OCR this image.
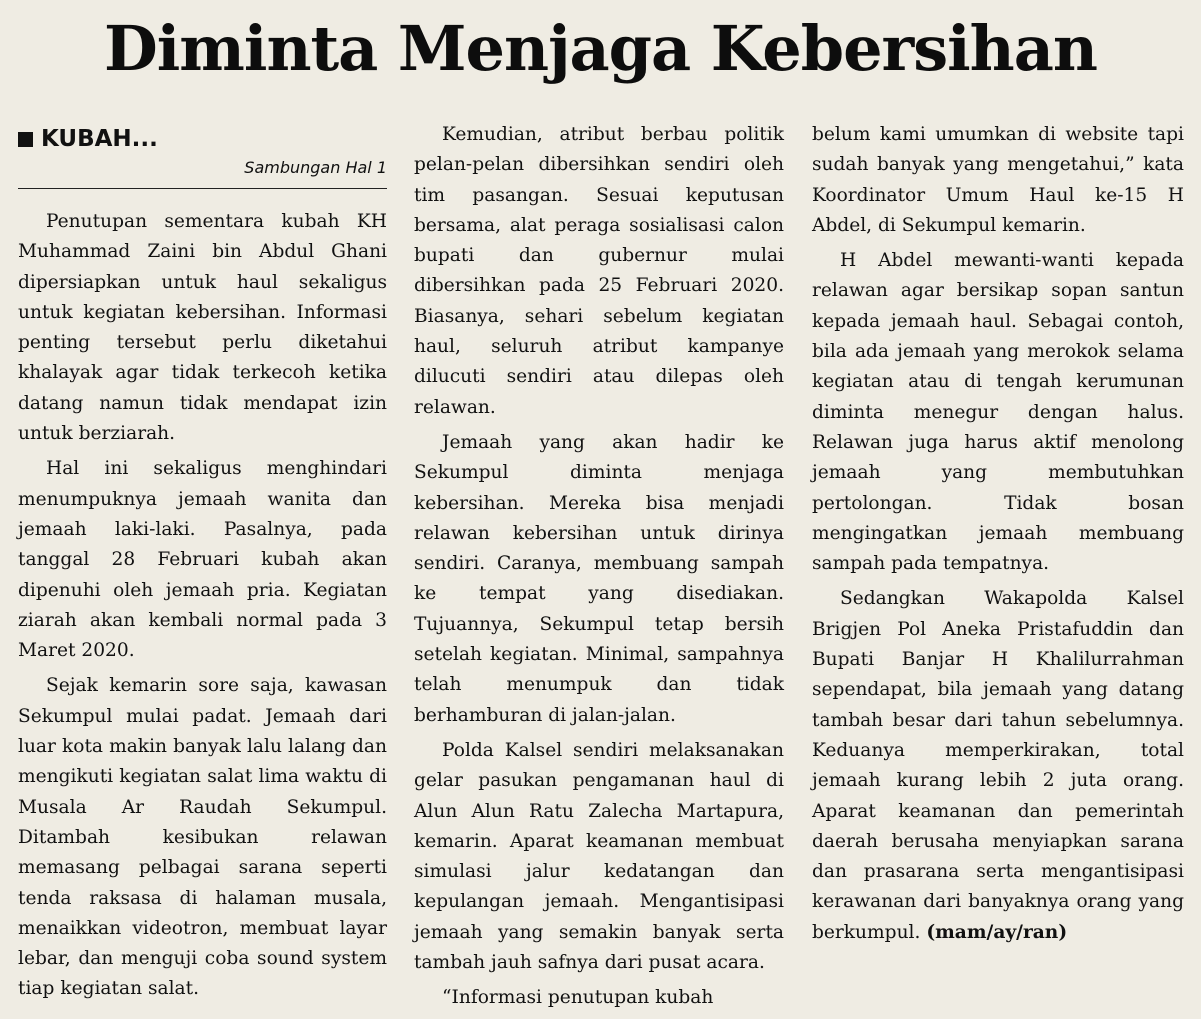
Diminta Menjaga Kebersihan
KUBAH...
Sambungan Hal 1

Penutupan sementara kubah KH Muhammad Zaini bin Abdul Ghani dipersiapkan untuk haul sekaligus untuk kegiatan kebersihan. Informasi penting tersebut perlu diketahui khalayak agar tidak terkecoh ketika datang namun tidak mendapat izin untuk berziarah.

Hal ini sekaligus menghindari menumpuknya jemaah wanita dan jemaah laki-laki. Pasalnya, pada tanggal 28 Februari kubah akan dipenuhi oleh jemaah pria. Kegiatan ziarah akan kembali normal pada 3 Maret 2020.

Sejak kemarin sore saja, kawasan Sekumpul mulai padat. Jemaah dari luar kota makin banyak lalu lalang dan mengikuti kegiatan salat lima waktu di Musala Ar Raudah Sekumpul. Ditambah kesibukan relawan memasang pelbagai sarana seperti tenda raksasa di halaman musala, menaikkan videotron, membuat layar lebar, dan menguji coba sound system tiap kegiatan salat.

Kemudian, atribut berbau politik pelan-pelan dibersihkan sendiri oleh tim pasangan. Sesuai keputusan bersama, alat peraga sosialisasi calon bupati dan gubernur mulai dibersihkan pada 25 Februari 2020. Biasanya, sehari sebelum kegiatan haul, seluruh atribut kampanye dilucuti sendiri atau dilepas oleh relawan.

Jemaah yang akan hadir ke Sekumpul diminta menjaga kebersihan. Mereka bisa menjadi relawan kebersihan untuk dirinya sendiri. Caranya, membuang sampah ke tempat yang disediakan. Tujuannya, Sekumpul tetap bersih setelah kegiatan. Minimal, sampahnya telah menumpuk dan tidak berhamburan di jalan-jalan.

Polda Kalsel sendiri melaksanakan gelar pasukan pengamanan haul di Alun Alun Ratu Zalecha Martapura, kemarin. Aparat keamanan membuat simulasi jalur kedatangan dan kepulangan jemaah. Mengantisipasi jemaah yang semakin banyak serta tambah jauh safnya dari pusat acara.

“Informasi penutupan kubah

belum kami umumkan di website tapi sudah banyak yang mengetahui,” kata Koordinator Umum Haul ke-15 H Abdel, di Sekumpul kemarin.

H Abdel mewanti-wanti kepada relawan agar bersikap sopan santun kepada jemaah haul. Sebagai contoh, bila ada jemaah yang merokok selama kegiatan atau di tengah kerumunan diminta menegur dengan halus. Relawan juga harus aktif menolong jemaah yang membutuhkan pertolongan. Tidak bosan mengingatkan jemaah membuang sampah pada tempatnya.

Sedangkan Wakapolda Kalsel Brigjen Pol Aneka Pristafuddin dan Bupati Banjar H Khalilurrahman sependapat, bila jemaah yang datang tambah besar dari tahun sebelumnya. Keduanya memperkirakan, total jemaah kurang lebih 2 juta orang. Aparat keamanan dan pemerintah daerah berusaha menyiapkan sarana dan prasarana serta mengantisipasi kerawanan dari banyaknya orang yang berkumpul. (mam/ay/ran)
